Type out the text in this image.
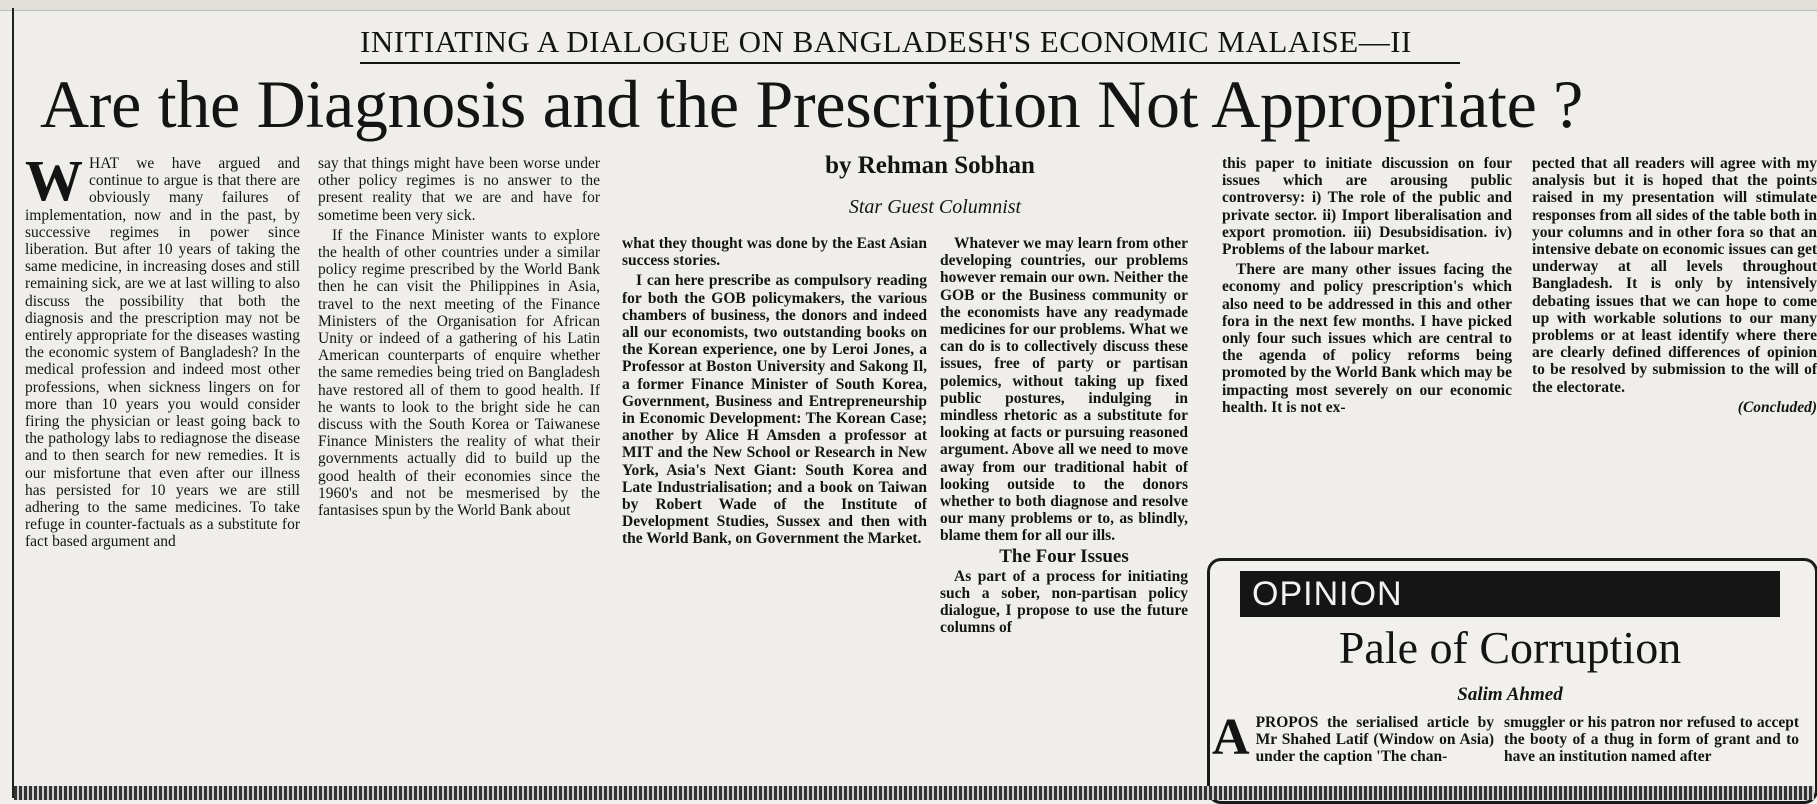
INITIATING A DIALOGUE ON BANGLADESH'S ECONOMIC MALAISE—II
Are the Diagnosis and the Prescription Not Appropriate ?
by Rehman Sobhan
Star Guest Columnist

WHAT we have argued and continue to argue is that there are obviously many failures of implementation, now and in the past, by successive regimes in power since liberation. But after 10 years of taking the same medicine, in increasing doses and still remaining sick, are we at last willing to also discuss the possibility that both the diagnosis and the prescription may not be entirely appropriate for the diseases wasting the economic system of Bangladesh? In the medical profession and indeed most other professions, when sickness lingers on for more than 10 years you would consider firing the physician or least going back to the pathology labs to rediagnose the disease and to then search for new remedies. It is our misfortune that even after our illness has persisted for 10 years we are still adhering to the same medicines. To take refuge in counter-factuals as a substitute for fact based argument and

say that things might have been worse under other policy regimes is no answer to the present reality that we are and have for sometime been very sick.

If the Finance Minister wants to explore the health of other countries under a similar policy regime prescribed by the World Bank then he can visit the Philippines in Asia, travel to the next meeting of the Finance Ministers of the Organisation for African Unity or indeed of a gathering of his Latin American counterparts of enquire whether the same remedies being tried on Bangladesh have restored all of them to good health. If he wants to look to the bright side he can discuss with the South Korea or Taiwanese Finance Ministers the reality of what their governments actually did to build up the good health of their economies since the 1960's and not be mesmerised by the fantasises spun by the World Bank about

what they thought was done by the East Asian success stories.

I can here prescribe as compulsory reading for both the GOB policymakers, the various chambers of business, the donors and indeed all our economists, two outstanding books on the Korean experience, one by Leroi Jones, a Professor at Boston University and Sakong Il, a former Finance Minister of South Korea, Government, Business and Entrepreneurship in Economic Development: The Korean Case; another by Alice H Amsden a professor at MIT and the New School or Research in New York, Asia's Next Giant: South Korea and Late Industrialisation; and a book on Taiwan by Robert Wade of the Institute of Development Studies, Sussex and then with the World Bank, on Government the Market.

Whatever we may learn from other developing countries, our problems however remain our own. Neither the GOB or the Business community or the economists have any readymade medicines for our problems. What we can do is to collectively discuss these issues, free of party or partisan polemics, without taking up fixed public postures, indulging in mindless rhetoric as a substitute for looking at facts or pursuing reasoned argument. Above all we need to move away from our traditional habit of looking outside to the donors whether to both diagnose and resolve our many problems or to, as blindly, blame them for all our ills.

The Four Issues

As part of a process for initiating such a sober, non-partisan policy dialogue, I propose to use the future columns of

this paper to initiate discussion on four issues which are arousing public controversy: i) The role of the public and private sector. ii) Import liberalisation and export promotion. iii) Desubsidisation. iv) Problems of the labour market.

There are many other issues facing the economy and policy prescription's which also need to be addressed in this and other fora in the next few months. I have picked only four such issues which are central to the agenda of policy reforms being promoted by the World Bank which may be impacting most severely on our economic health. It is not ex-

pected that all readers will agree with my analysis but it is hoped that the points raised in my presentation will stimulate responses from all sides of the table both in your columns and in other fora so that an intensive debate on economic issues can get underway at all levels throughout Bangladesh. It is only by intensively debating issues that we can hope to come up with workable solutions to our many problems or at least identify where there are clearly defined differences of opinion to be resolved by submission to the will of the electorate.

(Concluded)

OPINION
Pale of Corruption
Salim Ahmed

APROPOS the serialised article by Mr Shahed Latif (Window on Asia) under the caption 'The chan-

smuggler or his patron nor refused to accept the booty of a thug in form of grant and to have an institution named after
